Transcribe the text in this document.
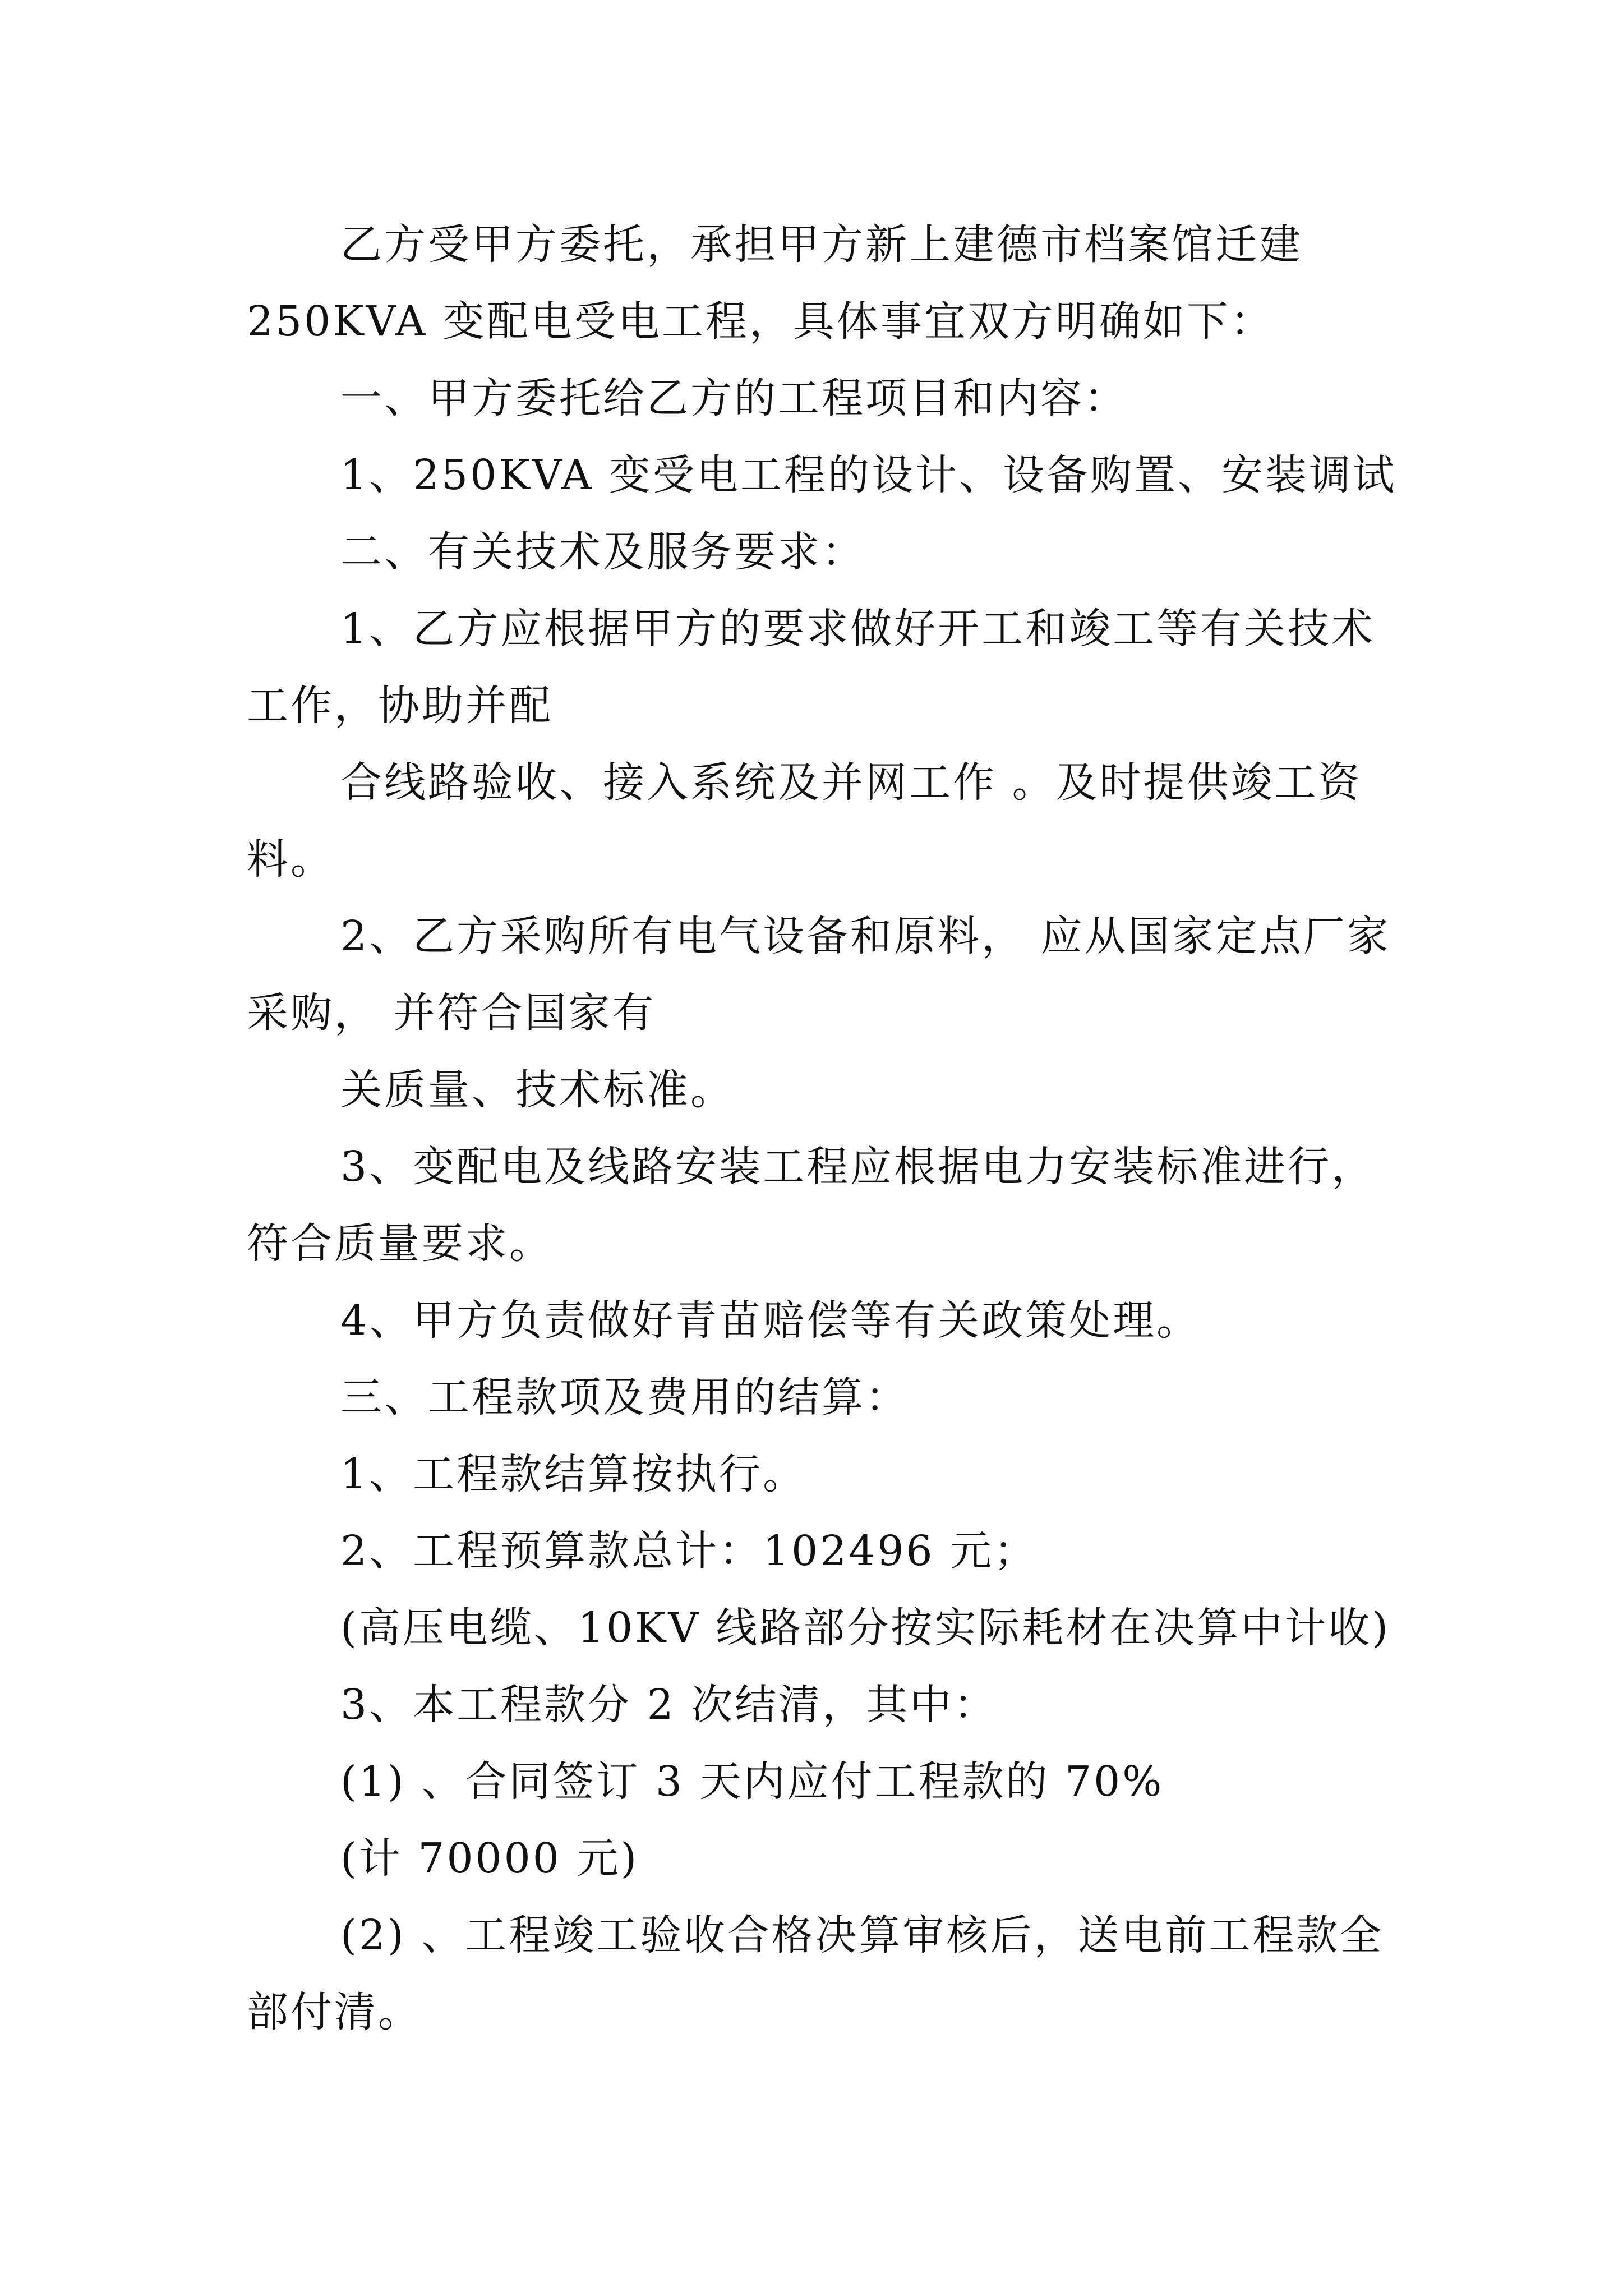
乙方受甲方委托，承担甲方新上建德市档案馆迁建
250KVA 变配电受电工程，具体事宜双方明确如下：
一、甲方委托给乙方的工程项目和内容：
1、250KVA 变受电工程的设计、设备购置、安装调试
二、有关技术及服务要求：
1、乙方应根据甲方的要求做好开工和竣工等有关技术
工作，协助并配
合线路验收、接入系统及并网工作 。及时提供竣工资
料。
2、乙方采购所有电气设备和原料， 应从国家定点厂家
采购， 并符合国家有
关质量、技术标准。
3、变配电及线路安装工程应根据电力安装标准进行，
符合质量要求。
4、甲方负责做好青苗赔偿等有关政策处理。
三、工程款项及费用的结算：
1、工程款结算按执行。
2、工程预算款总计：102496 元；
(高压电缆、10KV 线路部分按实际耗材在决算中计收)
3、本工程款分 2 次结清，其中：
(1) 、合同签订 3 天内应付工程款的 70%
(计 70000 元)
(2) 、工程竣工验收合格决算审核后，送电前工程款全
部付清。
